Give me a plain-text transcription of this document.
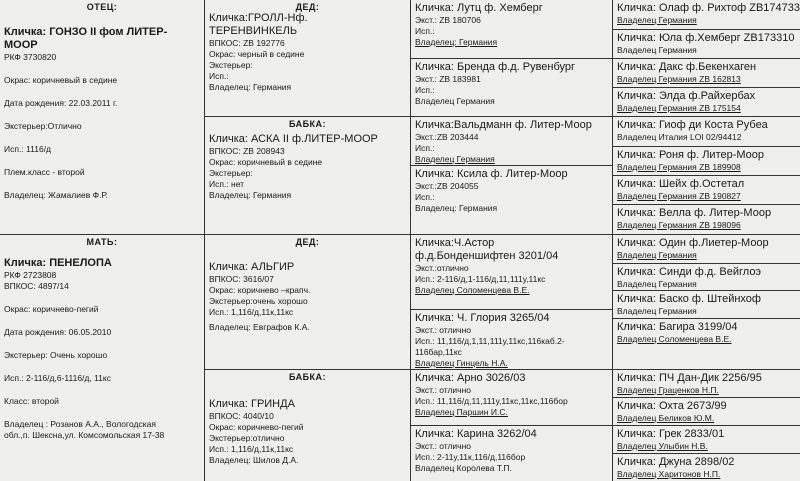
ОТЕЦ:
Кличка: ГОНЗО II фом ЛИТЕР-
МООР
РКФ 3730820
Окрас: коричневый в седине
Дата рождения: 22.03.2011 г.
Экстерьер:Отлично
Исп.: 1116/д
Плем.класс - второй
Владелец: Жамалиев Ф.Р.
МАТЬ:
Кличка: ПЕНЕЛОПА
РКФ 2723808
ВПКОС: 4897/14
Окрас: коричнево-пегий
Дата рождения: 06.05.2010
Экстерьер: Очень хорошо
Исп.: 2-116/д,6-1116/д, 11кс
Класс: второй
Владелец : Розанов А.А., Вологодская
обл.,п. Шексна,ул. Комсомольская 17-38
ДЕД:
Кличка:ГРОЛЛ-Нф.
ТЕРЕНВИНКЕЛЬ
ВПКОС: ZB 192776
Окрас: черный в седине
Экстерьер:
Исп.:
Владелец: Германия
БАБКА:
Кличка: АСКА II ф.ЛИТЕР-МООР
ВПКОС: ZB 208943
Окрас: коричневый в седине
Экстерьер:
Исп.: нет
Владелец: Германия
ДЕД:
Кличка: АЛЬГИР
ВПКОС: 3616/07
Окрас: коричнево –крапч.
Экстерьер:очень хорошо
Исп.: 1,116/д,11к,11кс
Владелец: Евграфов К.А.
БАБКА:
Кличка: ГРИНДА
ВПКОС: 4040/10
Окрас: коричнево-пегий
Экстерьер:отлично
Исп.: 1,116/д,11к,11кс
Владелец: Шилов Д.А.
Кличка: Лутц ф. Хемберг
Экст.: ZB 180706
Исп.:
Владелец: Германия
Кличка: Бренда ф.д. Рувенбург
Экст.: ZB 183981
Исп.:
Владелец Германия
Кличка:Вальдманн ф. Литер-Моор
Экст.:ZB 203444
Исп.:
Владелец Германия
Кличка: Ксила ф. Литер-Моор
Экст.:ZB 204055
Исп.:
Владелец: Германия
Кличка:Ч.Астор
ф.д.Бонденшифтен 3201/04
Экст.:отлично
Исп.: 2-116/д,1-116/д,11,111у,11кс
Владелец Соломенцева В.Е.
Кличка: Ч. Глория 3265/04
Экст.: отлично
Исп.: 11,116/д,1,11,111у,11кс,116каб.2-
116бар,11кс
Владелец Гинцель Н.А.
Кличка: Арно 3026/03
Экст.: отлично
Исп.: 11,116/д,11,111у,11кс,11кс,116бор
Владелец Паршин И.С.
Кличка: Карина 3262/04
Экст.: отлично
Исп.: 2-11у,11к,116/д,116бор
Владелец Королева Т.П.
Кличка: Олаф ф. Рихтоф ZB174733
Владелец Германия
Кличка: Юла ф.Хемберг ZB173310
Владелец Германия
Кличка: Дакс ф.Бекенхаген
Владелец Германия ZB 162813
Кличка: Элда ф.Райхербах
Владелец Германия ZB 175154
Кличка: Гиоф ди Коста Рубеа
Владелец Италия LOI 02/94412
Кличка: Роня ф. Литер-Моор
Владелец Германия ZB 189908
Кличка: Шейх ф.Остетал
Владелец Германия ZB 190827
Кличка: Велла ф. Литер-Моор
Владелец Германия ZB 198096
Кличка: Один ф.Лиетер-Моор
Владелец Германия
Кличка: Синди ф.д. Вейглоэ
Владелец Германия
Кличка: Баско ф. Штейнхоф
Владелец Германия
Кличка: Багира 3199/04
Владелец Соломенцева В.Е.
Кличка: ПЧ Дан-Дик 2256/95
Владелец Граценков Н.П.
Кличка: Охта 2673/99
Владелец Беликов Ю.М.
Кличка: Грек 2833/01
Владелец Улыбин Н.В.
Кличка: Джуна 2898/02
Владелец Харитонов Н.П.
